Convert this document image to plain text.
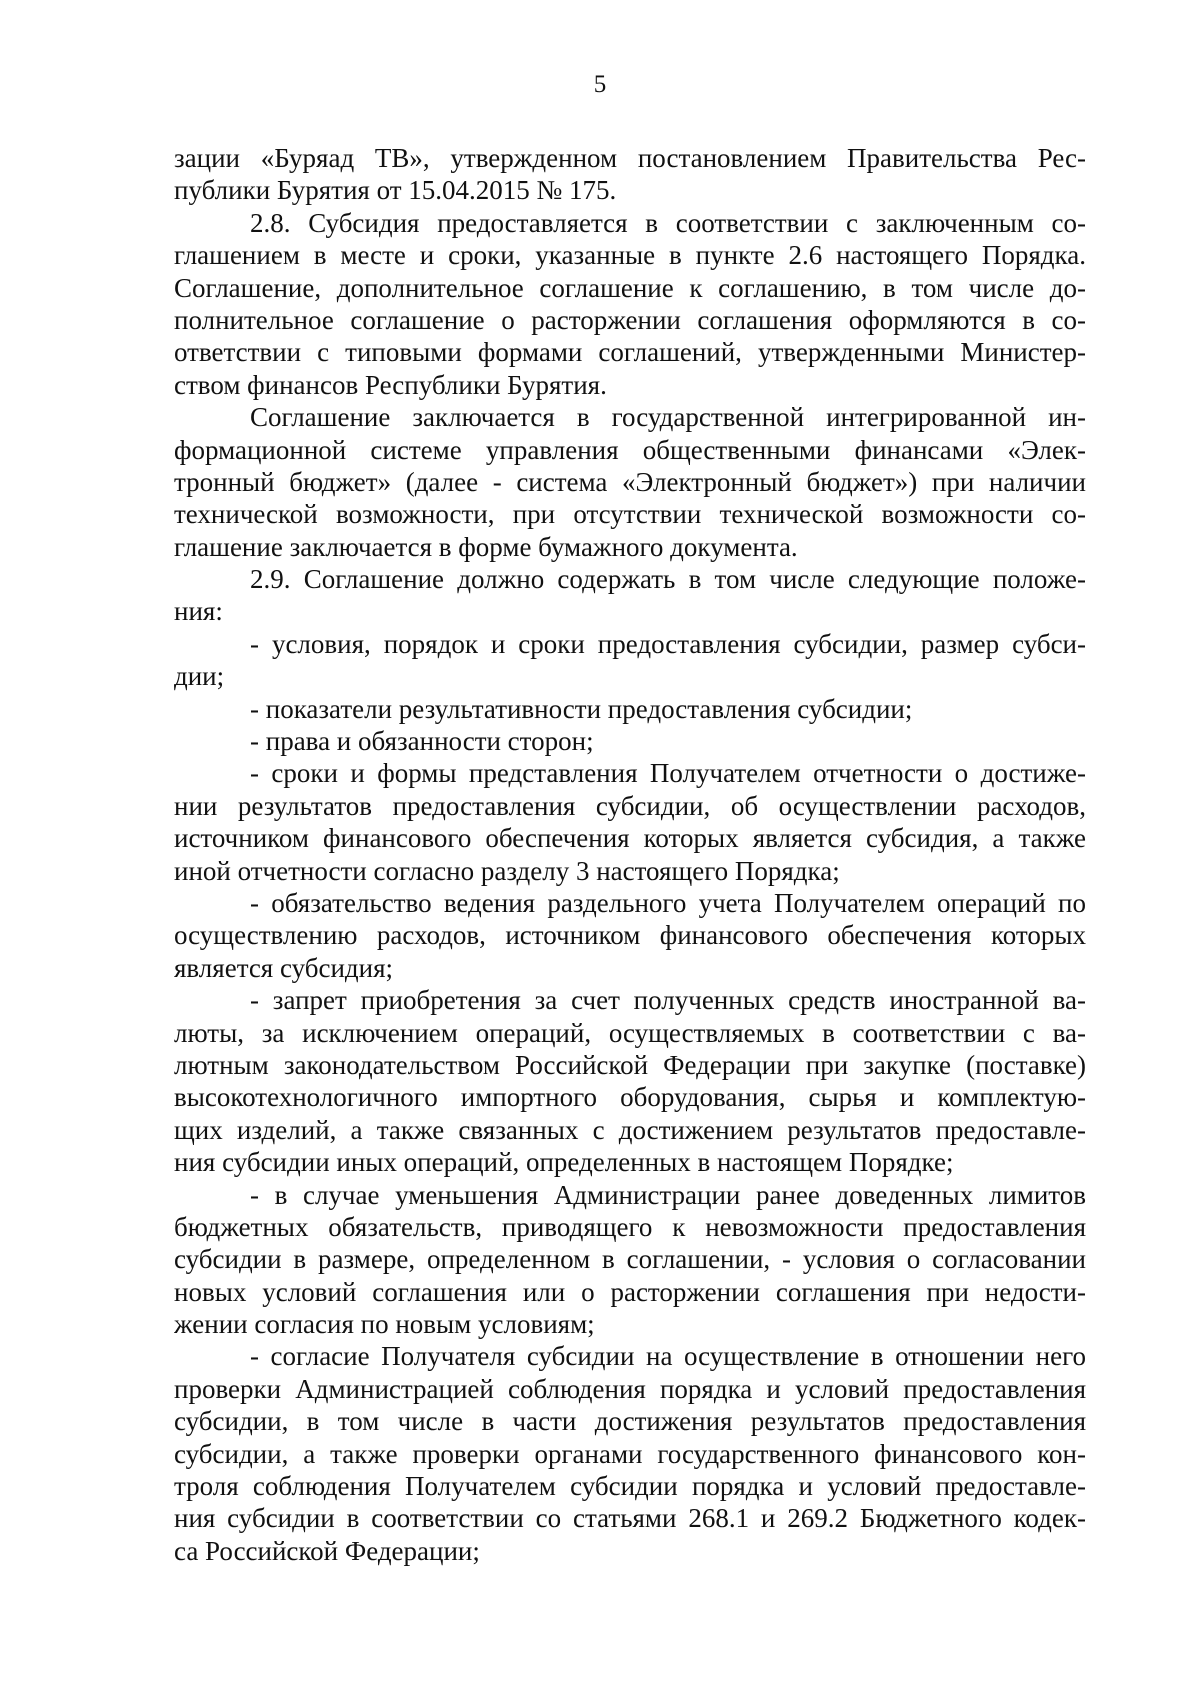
5
зации «Буряад ТВ», утвержденном постановлением Правительства Рес-
публики Бурятия от 15.04.2015 № 175.
2.8. Субсидия предоставляется в соответствии с заключенным со-
глашением в месте и сроки, указанные в пункте 2.6 настоящего Порядка.
Соглашение, дополнительное соглашение к соглашению, в том числе до-
полнительное соглашение о расторжении соглашения оформляются в со-
ответствии с типовыми формами соглашений, утвержденными Министер-
ством финансов Республики Бурятия.
Соглашение заключается в государственной интегрированной ин-
формационной системе управления общественными финансами «Элек-
тронный бюджет» (далее - система «Электронный бюджет») при наличии
технической возможности, при отсутствии технической возможности со-
глашение заключается в форме бумажного документа.
2.9. Соглашение должно содержать в том числе следующие положе-
ния:
- условия, порядок и сроки предоставления субсидии, размер субси-
дии;
- показатели результативности предоставления субсидии;
- права и обязанности сторон;
- сроки и формы представления Получателем отчетности о достиже-
нии результатов предоставления субсидии, об осуществлении расходов,
источником финансового обеспечения которых является субсидия, а также
иной отчетности согласно разделу 3 настоящего Порядка;
- обязательство ведения раздельного учета Получателем операций по
осуществлению расходов, источником финансового обеспечения которых
является субсидия;
- запрет приобретения за счет полученных средств иностранной ва-
люты, за исключением операций, осуществляемых в соответствии с ва-
лютным законодательством Российской Федерации при закупке (поставке)
высокотехнологичного импортного оборудования, сырья и комплектую-
щих изделий, а также связанных с достижением результатов предоставле-
ния субсидии иных операций, определенных в настоящем Порядке;
- в случае уменьшения Администрации ранее доведенных лимитов
бюджетных обязательств, приводящего к невозможности предоставления
субсидии в размере, определенном в соглашении, - условия о согласовании
новых условий соглашения или о расторжении соглашения при недости-
жении согласия по новым условиям;
- согласие Получателя субсидии на осуществление в отношении него
проверки Администрацией соблюдения порядка и условий предоставления
субсидии, в том числе в части достижения результатов предоставления
субсидии, а также проверки органами государственного финансового кон-
троля соблюдения Получателем субсидии порядка и условий предоставле-
ния субсидии в соответствии со статьями 268.1 и 269.2 Бюджетного кодек-
са Российской Федерации;
